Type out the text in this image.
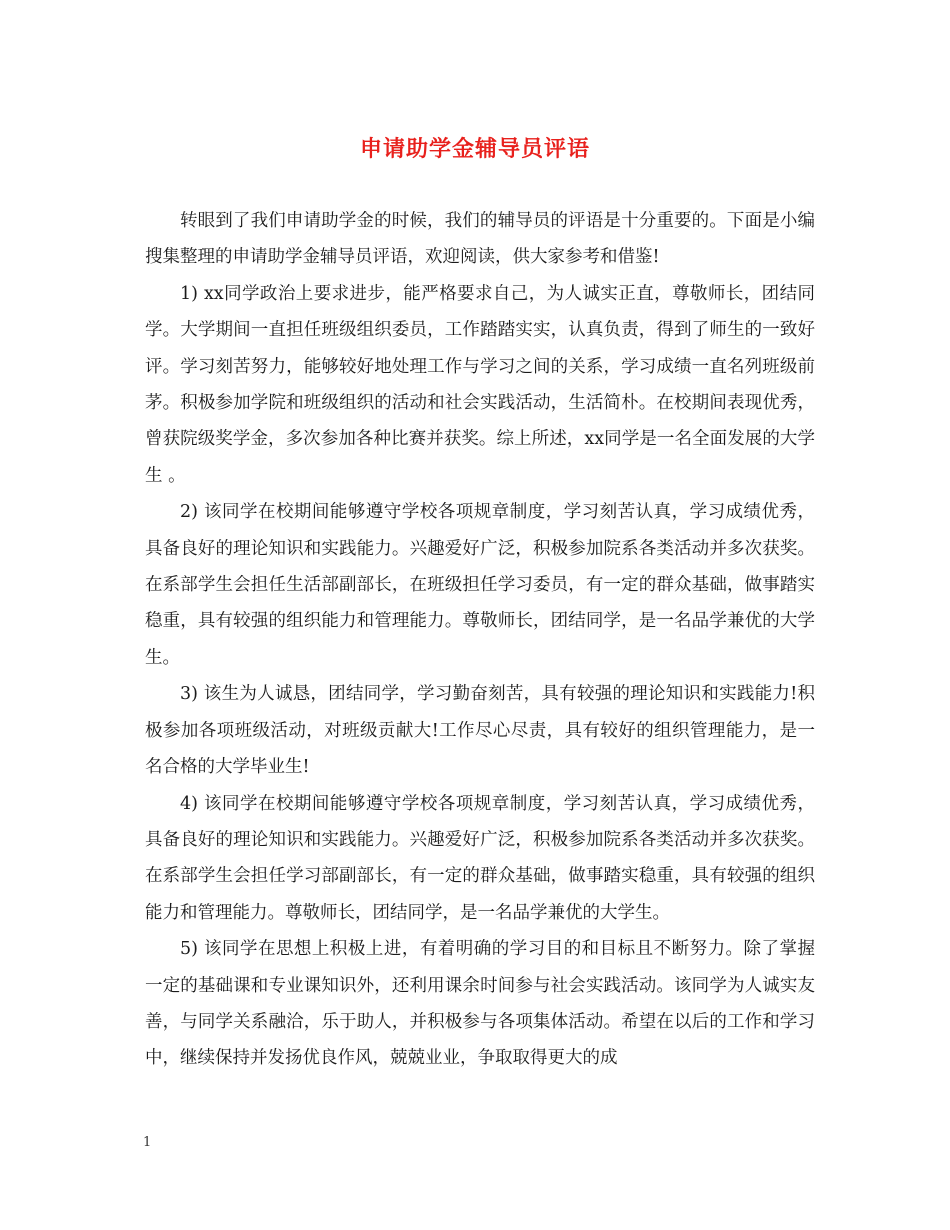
申请助学金辅导员评语

转眼到了我们申请助学金的时候，我们的辅导员的评语是十分重要的。下面是小编搜集整理的申请助学金辅导员评语，欢迎阅读，供大家参考和借鉴!

1) xx同学政治上要求进步，能严格要求自己，为人诚实正直，尊敬师长，团结同学。大学期间一直担任班级组织委员，工作踏踏实实，认真负责，得到了师生的一致好评。学习刻苦努力，能够较好地处理工作与学习之间的关系，学习成绩一直名列班级前茅。积极参加学院和班级组织的活动和社会实践活动，生活简朴。在校期间表现优秀，曾获院级奖学金，多次参加各种比赛并获奖。综上所述，xx同学是一名全面发展的大学生 。

2) 该同学在校期间能够遵守学校各项规章制度，学习刻苦认真，学习成绩优秀，具备良好的理论知识和实践能力。兴趣爱好广泛，积极参加院系各类活动并多次获奖。在系部学生会担任生活部副部长，在班级担任学习委员，有一定的群众基础，做事踏实稳重，具有较强的组织能力和管理能力。尊敬师长，团结同学，是一名品学兼优的大学生。

3) 该生为人诚恳，团结同学，学习勤奋刻苦，具有较强的理论知识和实践能力!积极参加各项班级活动，对班级贡献大!工作尽心尽责，具有较好的组织管理能力，是一名合格的大学毕业生!

4) 该同学在校期间能够遵守学校各项规章制度，学习刻苦认真，学习成绩优秀，具备良好的理论知识和实践能力。兴趣爱好广泛，积极参加院系各类活动并多次获奖。在系部学生会担任学习部副部长，有一定的群众基础，做事踏实稳重，具有较强的组织能力和管理能力。尊敬师长，团结同学，是一名品学兼优的大学生。

5) 该同学在思想上积极上进，有着明确的学习目的和目标且不断努力。除了掌握一定的基础课和专业课知识外，还利用课余时间参与社会实践活动。该同学为人诚实友善，与同学关系融洽，乐于助人，并积极参与各项集体活动。希望在以后的工作和学习中，继续保持并发扬优良作风，兢兢业业，争取取得更大的成

1
